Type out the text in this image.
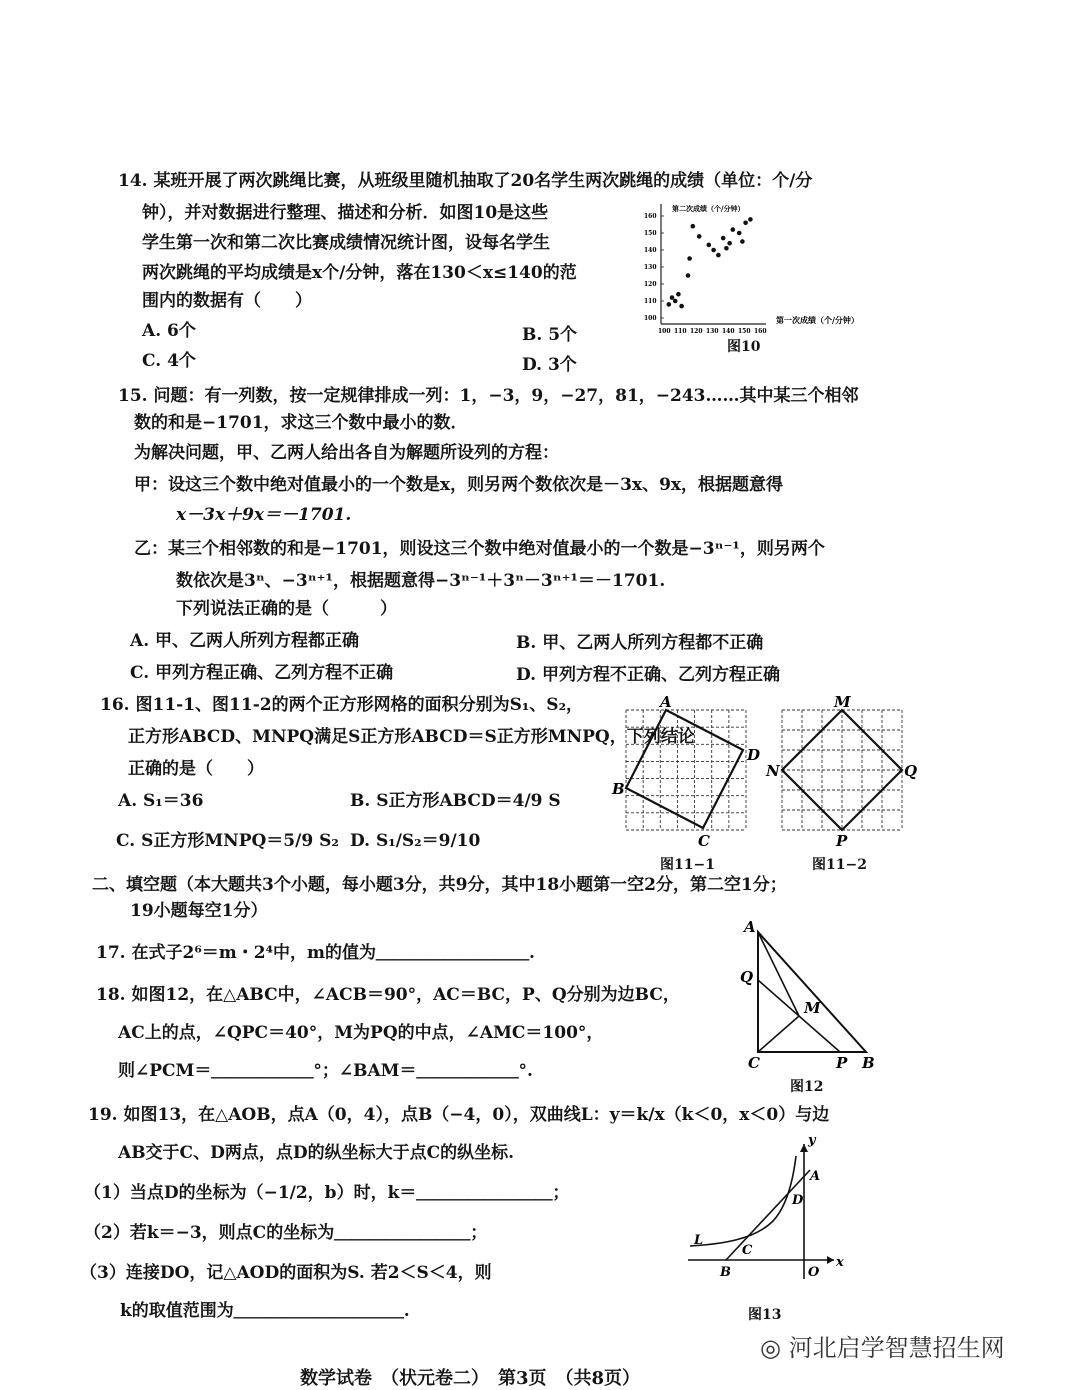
14. 某班开展了两次跳绳比赛，从班级里随机抽取了20名学生两次跳绳的成绩（单位：个/分
钟），并对数据进行整理、描述和分析．如图10是这些
学生第一次和第二次比赛成绩情况统计图，设每名学生
两次跳绳的平均成绩是x个/分钟，落在130＜x≤140的范
围内的数据有（　　）
A. 6个	B. 5个
C. 4个	D. 3个
第二次成绩（个/分钟）
第一次成绩（个/分钟）
100 110 120 130 140 150 160
100
110
120
130
140
150
160
图10
15. 问题：有一列数，按一定规律排成一列：1，−3，9，−27，81，−243……其中某三个相邻
数的和是−1701，求这三个数中最小的数．
为解决问题，甲、乙两人给出各自为解题所设列的方程：
甲：设这三个数中绝对值最小的一个数是x，则另两个数依次是－3x、9x，根据题意得
x－3x＋9x＝－1701.
乙：某三个相邻数的和是−1701，则设这三个数中绝对值最小的一个数是−3ⁿ⁻¹，则另两个
数依次是3ⁿ、−3ⁿ⁺¹，根据题意得−3ⁿ⁻¹＋3ⁿ－3ⁿ⁺¹＝－1701.
下列说法正确的是（　　　）
A. 甲、乙两人所列方程都正确	B. 甲、乙两人所列方程都不正确
C. 甲列方程正确、乙列方程不正确	D. 甲列方程不正确、乙列方程正确
16. 图11-1、图11-2的两个正方形网格的面积分别为S₁、S₂，
正方形ABCD、MNPQ满足S正方形ABCD＝S正方形MNPQ，下列结论
正确的是（　　）
A. S₁＝36	B. S正方形ABCD＝4/9 S
C. S正方形MNPQ＝5/9 S₂ D. S₁/S₂＝9/10
A
D
B
C
图11−1
M
N	Q
P
图11−2
二、填空题（本大题共3个小题，每小题3分，共9分，其中18小题第一空2分，第二空1分；
19小题每空1分）
17. 在式子2⁶＝m・2⁴中，m的值为＿＿＿＿＿＿＿＿＿.
18. 如图12，在△ABC中，∠ACB＝90°，AC＝BC，P、Q分别为边BC，
AC上的点，∠QPC＝40°，M为PQ的中点，∠AMC＝100°，
则∠PCM＝＿＿＿＿＿＿°；∠BAM＝＿＿＿＿＿＿°.
A
Q
M
C	P B
图12
19. 如图13，在△AOB，点A（0，4），点B（−4，0），双曲线L：y＝k/x（k＜0，x＜0）与边
AB交于C、D两点，点D的纵坐标大于点C的纵坐标.
（1）当点D的坐标为（−1/2，b）时，k＝＿＿＿＿＿＿＿＿；
（2）若k＝−3，则点C的坐标为＿＿＿＿＿＿＿＿；
（3）连接DO，记△AOD的面积为S. 若2＜S＜4，则
k的取值范围为＿＿＿＿＿＿＿＿＿＿.
y
A
D
L
C
B	O
x
图13
数学试卷　（状元卷二）　第3页　（共8页）
◎ 河北启学智慧招生网
